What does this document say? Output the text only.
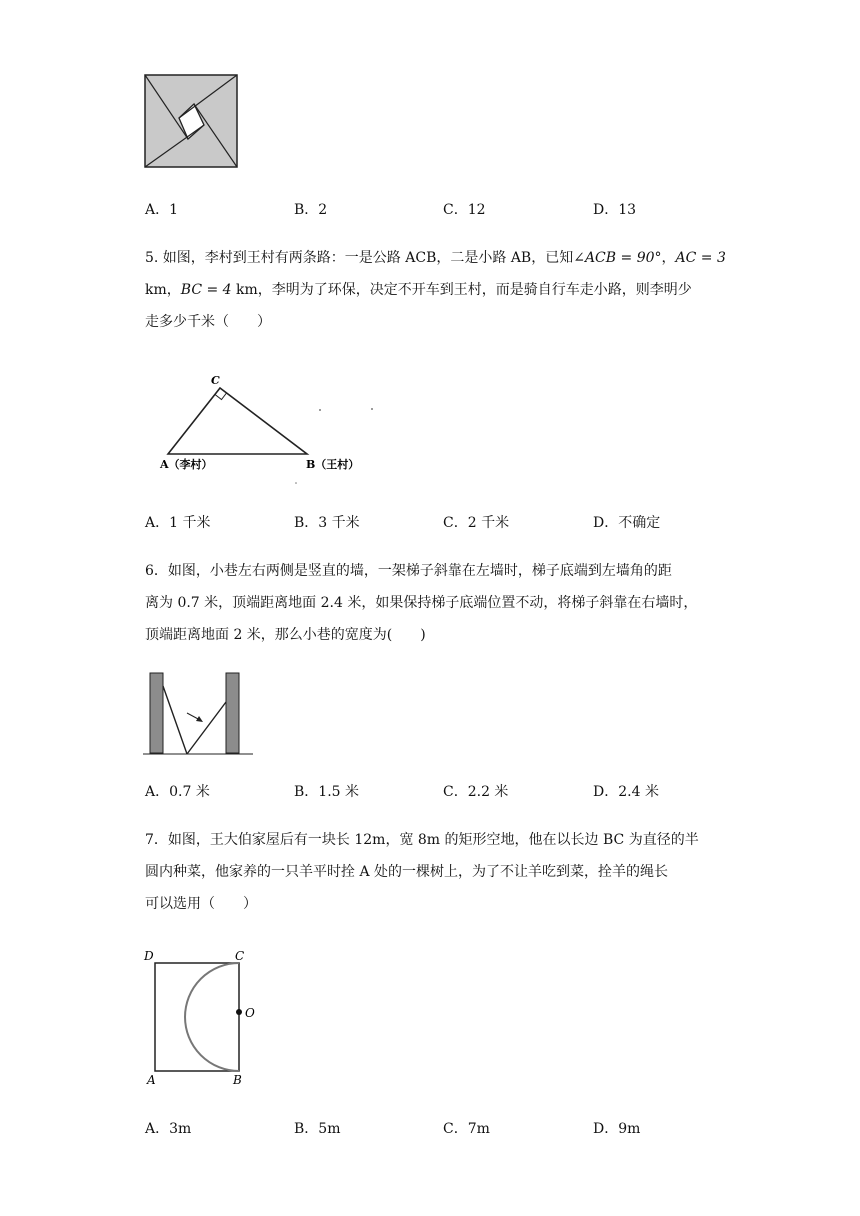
A．1	B．2	C．12	D．13
5. 如图，李村到王村有两条路：一是公路 ACB，二是小路 AB，已知∠ACB = 90°，AC = 3
km，BC = 4 km，李明为了环保，决定不开车到王村，而是骑自行车走小路，则李明少
走多少千米（　　）
C
A（李村）	B（王村）
A．1 千米	B．3 千米	C．2 千米	D．不确定
6．如图，小巷左右两侧是竖直的墙，一架梯子斜靠在左墙时，梯子底端到左墙角的距
离为 0.7 米，顶端距离地面 2.4 米，如果保持梯子底端位置不动，将梯子斜靠在右墙时，
顶端距离地面 2 米，那么小巷的宽度为(　　)
A．0.7 米	B．1.5 米	C．2.2 米	D．2.4 米
7．如图，王大伯家屋后有一块长 12m，宽 8m 的矩形空地，他在以长边 BC 为直径的半
圆内种菜，他家养的一只羊平时拴 A 处的一棵树上，为了不让羊吃到菜，拴羊的绳长
可以选用（　　）
D	C
O
A	B
A．3m	B．5m	C．7m	D．9m
